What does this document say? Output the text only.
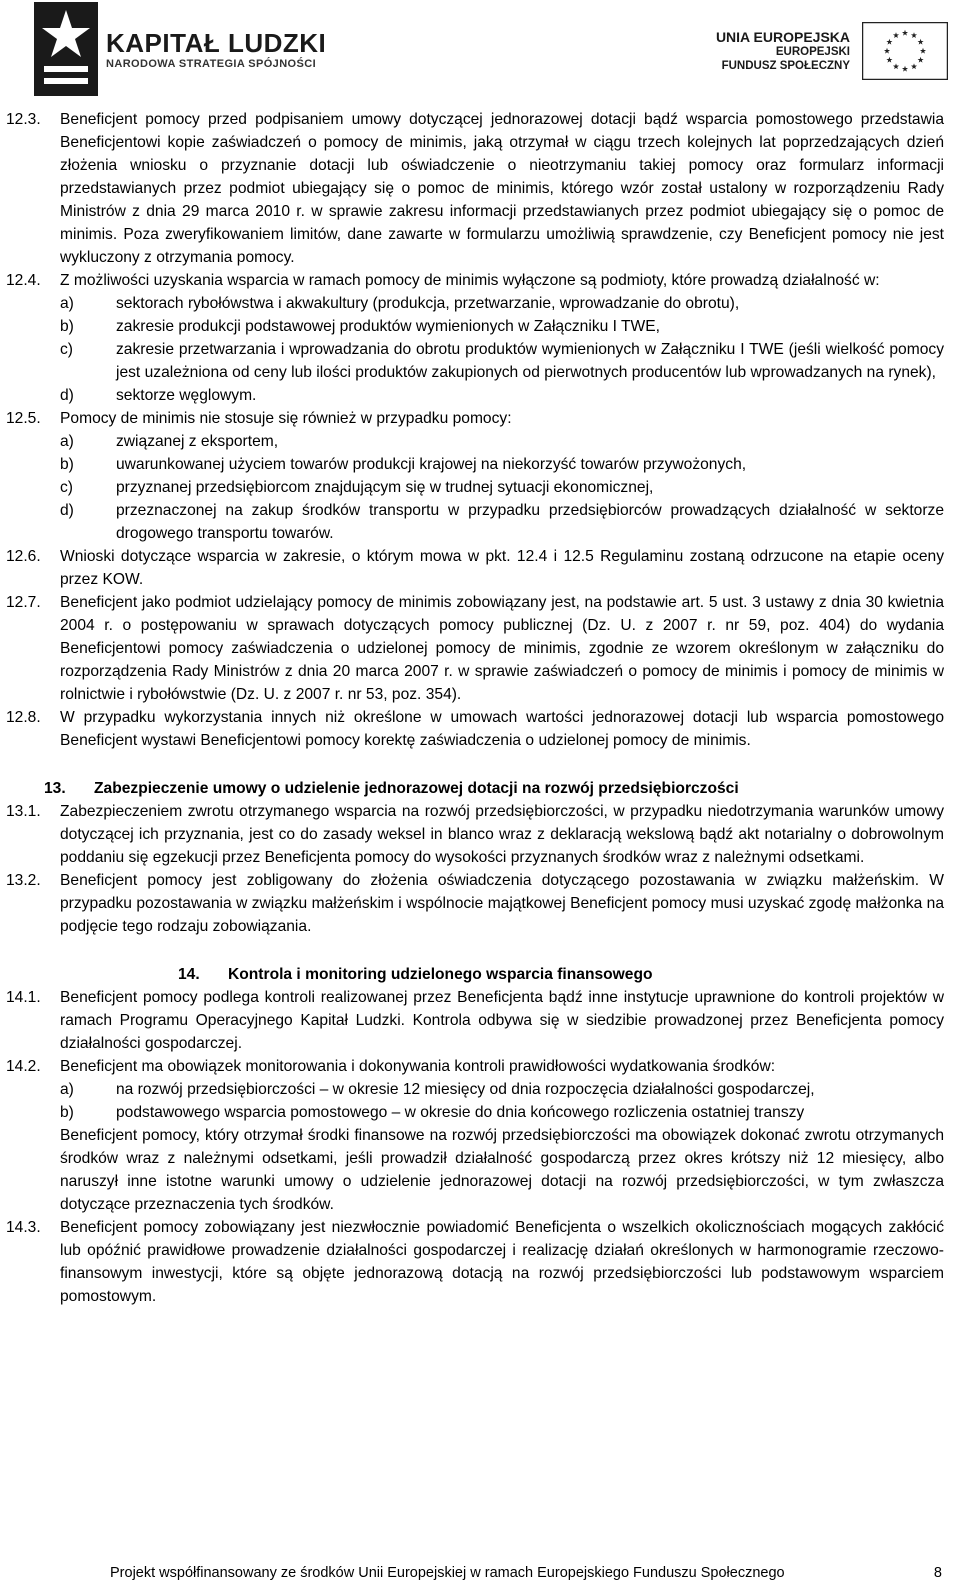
KAPITAŁ LUDZKI
NARODOWA STRATEGIA SPÓJNOŚCI
UNIA EUROPEJSKA
EUROPEJSKI
FUNDUSZ SPOŁECZNY
12.3. Beneficjent pomocy przed podpisaniem umowy dotyczącej jednorazowej dotacji bądź wsparcia pomostowego przedstawia Beneficjentowi kopie zaświadczeń o pomocy de minimis, jaką otrzymał w ciągu trzech kolejnych lat poprzedzających dzień złożenia wniosku o przyznanie dotacji lub oświadczenie o nieotrzymaniu takiej pomocy oraz formularz informacji przedstawianych przez podmiot ubiegający się o pomoc de minimis, którego wzór został ustalony w rozporządzeniu Rady Ministrów z dnia 29 marca 2010 r. w sprawie zakresu informacji przedstawianych przez podmiot ubiegający się o pomoc de minimis. Poza zweryfikowaniem limitów, dane zawarte w formularzu umożliwią sprawdzenie, czy Beneficjent pomocy nie jest wykluczony z otrzymania pomocy.
12.4. Z możliwości uzyskania wsparcia w ramach pomocy de minimis wyłączone są podmioty, które prowadzą działalność w:
a)	sektorach rybołówstwa i akwakultury (produkcja, przetwarzanie, wprowadzanie do obrotu),
b)	zakresie produkcji podstawowej produktów wymienionych w Załączniku I TWE,
c)	zakresie przetwarzania i wprowadzania do obrotu produktów wymienionych w Załączniku I TWE (jeśli wielkość pomocy jest uzależniona od ceny lub ilości produktów zakupionych od pierwotnych producentów lub wprowadzanych na rynek),
d)	sektorze węglowym.
12.5. Pomocy de minimis nie stosuje się również w przypadku pomocy:
a)	związanej z eksportem,
b)	uwarunkowanej użyciem towarów produkcji krajowej na niekorzyść towarów przywożonych,
c)	przyznanej przedsiębiorcom znajdującym się w trudnej sytuacji ekonomicznej,
d)	przeznaczonej na zakup środków transportu w przypadku przedsiębiorców prowadzących działalność w sektorze drogowego transportu towarów.
12.6. Wnioski dotyczące wsparcia w zakresie, o którym mowa w pkt. 12.4 i 12.5 Regulaminu zostaną odrzucone na etapie oceny przez KOW.
12.7. Beneficjent jako podmiot udzielający pomocy de minimis zobowiązany jest, na podstawie art. 5 ust. 3 ustawy z dnia 30 kwietnia 2004 r. o postępowaniu w sprawach dotyczących pomocy publicznej (Dz. U. z 2007 r. nr 59, poz. 404) do wydania Beneficjentowi pomocy zaświadczenia o udzielonej pomocy de minimis, zgodnie ze wzorem określonym w załączniku do rozporządzenia Rady Ministrów z dnia 20 marca 2007 r. w sprawie zaświadczeń o pomocy de minimis i pomocy de minimis w rolnictwie i rybołówstwie (Dz. U. z 2007 r. nr 53, poz. 354).
12.8. W przypadku wykorzystania innych niż określone w umowach wartości jednorazowej dotacji lub wsparcia pomostowego Beneficjent wystawi Beneficjentowi pomocy korektę zaświadczenia o udzielonej pomocy de minimis.
13. Zabezpieczenie umowy o udzielenie jednorazowej dotacji na rozwój przedsiębiorczości
13.1. Zabezpieczeniem zwrotu otrzymanego wsparcia na rozwój przedsiębiorczości, w przypadku niedotrzymania warunków umowy dotyczącej ich przyznania, jest co do zasady weksel in blanco wraz z deklaracją wekslową bądź akt notarialny o dobrowolnym poddaniu się egzekucji przez Beneficjenta pomocy do wysokości przyznanych środków wraz z należnymi odsetkami.
13.2. Beneficjent pomocy jest zobligowany do złożenia oświadczenia dotyczącego pozostawania w związku małżeńskim. W przypadku pozostawania w związku małżeńskim i wspólnocie majątkowej Beneficjent pomocy musi uzyskać zgodę małżonka na podjęcie tego rodzaju zobowiązania.
14. Kontrola i monitoring udzielonego wsparcia finansowego
14.1. Beneficjent pomocy podlega kontroli realizowanej przez Beneficjenta bądź inne instytucje uprawnione do kontroli projektów w ramach Programu Operacyjnego Kapitał Ludzki. Kontrola odbywa się w siedzibie prowadzonej przez Beneficjenta pomocy działalności gospodarczej.
14.2. Beneficjent ma obowiązek monitorowania i dokonywania kontroli prawidłowości wydatkowania środków:
a)	na rozwój przedsiębiorczości – w okresie 12 miesięcy od dnia rozpoczęcia działalności gospodarczej,
b)	podstawowego wsparcia pomostowego – w okresie do dnia końcowego rozliczenia ostatniej transzy
Beneficjent pomocy, który otrzymał środki finansowe na rozwój przedsiębiorczości ma obowiązek dokonać zwrotu otrzymanych środków wraz z należnymi odsetkami, jeśli prowadził działalność gospodarczą przez okres krótszy niż 12 miesięcy, albo naruszył inne istotne warunki umowy o udzielenie jednorazowej dotacji na rozwój przedsiębiorczości, w tym zwłaszcza dotyczące przeznaczenia tych środków.
14.3. Beneficjent pomocy zobowiązany jest niezwłocznie powiadomić Beneficjenta o wszelkich okolicznościach mogących zakłócić lub opóźnić prawidłowe prowadzenie działalności gospodarczej i realizację działań określonych w harmonogramie rzeczowo-finansowym inwestycji, które są objęte jednorazową dotacją na rozwój przedsiębiorczości lub podstawowym wsparciem pomostowym.
Projekt współfinansowany ze środków Unii Europejskiej w ramach Europejskiego Funduszu Społecznego	8
